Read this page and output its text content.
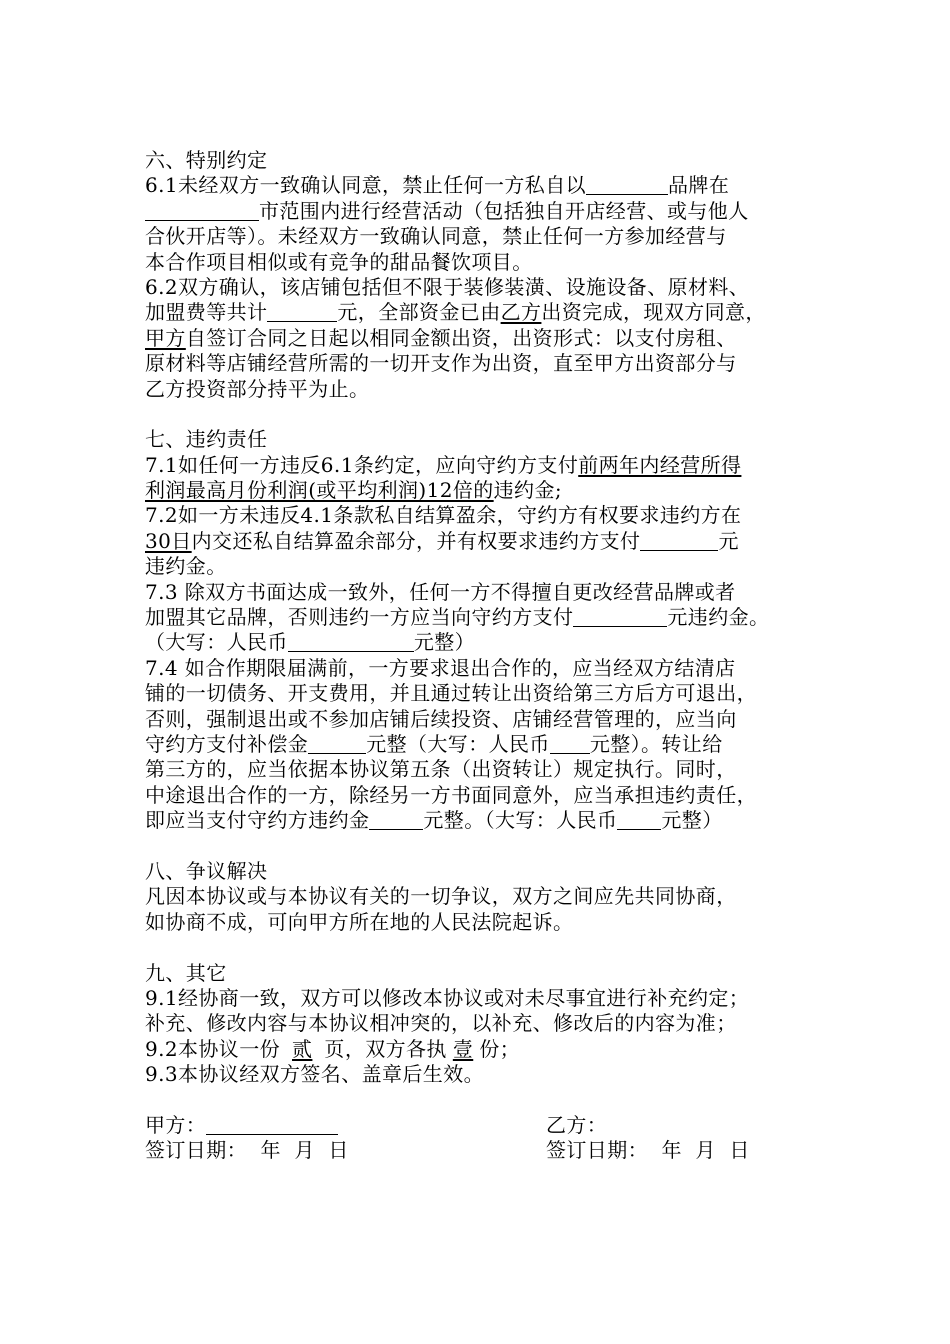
六、特别约定
6.1未经双方一致确认同意，禁止任何一方私自以	品牌在
市范围内进行经营活动（包括独自开店经营、或与他人
合伙开店等）。未经双方一致确认同意，禁止任何一方参加经营与
本合作项目相似或有竞争的甜品餐饮项目。
6.2双方确认，该店铺包括但不限于装修装潢、设施设备、原材料、
加盟费等共计	元，全部资金已由乙方出资完成，现双方同意，
甲方自签订合同之日起以相同金额出资，出资形式：以支付房租、
原材料等店铺经营所需的一切开支作为出资，直至甲方出资部分与
乙方投资部分持平为止。
七、违约责任
7.1如任何一方违反6.1条约定，应向守约方支付前两年内经营所得
利润最高月份利润(或平均利润)12倍的违约金;
7.2如一方未违反4.1条款私自结算盈余，守约方有权要求违约方在
30日内交还私自结算盈余部分，并有权要求违约方支付	元
违约金。
7.3 除双方书面达成一致外，任何一方不得擅自更改经营品牌或者
加盟其它品牌，否则违约一方应当向守约方支付	元违约金。
（大写：人民币	元整）
7.4 如合作期限届满前，一方要求退出合作的，应当经双方结清店
铺的一切债务、开支费用，并且通过转让出资给第三方后方可退出，
否则，强制退出或不参加店铺后续投资、店铺经营管理的，应当向
守约方支付补偿金	元整（大写：人民币 元整）。转让给
第三方的，应当依据本协议第五条（出资转让）规定执行。同时，
中途退出合作的一方，除经另一方书面同意外，应当承担违约责任，
即应当支付守约方违约金	元整。（大写：人民币 元整）
八、争议解决
凡因本协议或与本协议有关的一切争议，双方之间应先共同协商，
如协商不成，可向甲方所在地的人民法院起诉。
九、其它
9.1经协商一致，双方可以修改本协议或对未尽事宜进行补充约定；
补充、修改内容与本协议相冲突的，以补充、修改后的内容为准；
9.2本协议一份 贰 页，双方各执 壹 份；
9.3本协议经双方签名、盖章后生效。
甲方：
签订日期：  年  月  日
乙方：
签订日期：  年  月  日
